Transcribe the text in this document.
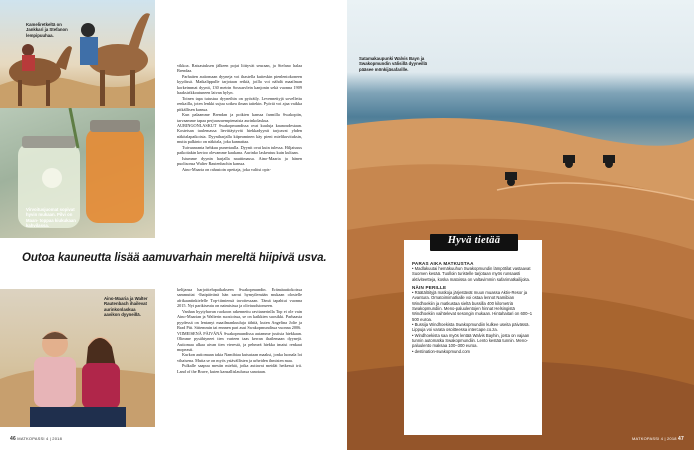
Kameliretkeltä on Jankkari ja Stefanon lempipuuhaa.
Virvoitusjuomat sopivat hyvin mukaan. Pilvi on Maan- toppaa kiukukaan kahvilassa.

vikkoa. Ratsastuksen jälkeen pojat liittyvät seuraan, ja Stefano halaa Brendaa.

Parhaiten autiomaan dyyneja voi ihastella kuiteskin pienlentokoneen kyydissä. Matkalippulle tarjotaan retkiä, joilla voi nähdä maailman korkeimmat dyynit, 130 metrin Sossusvlein kanjonin sekä vuonna 1909 haaksirikkoutuneen laivan hylyn.

Toinen tapa tutustua dyyneihin on pyöräily. Levennettyjä sovellettu renkailla, joten lenkki sujuu sotkea ilman taitekin. Pyöriä voi ajaa vaikka pitkällisen kanssa.

Kun palaamme Brendan ja poikien kanssa farmilla Swakopiin, tarvaamme tapaa perjuusruempienaisia aurinkolaskua.

AURINGONLASKUT Swakopmundissa ovat kuuluja kaunoudestaan. Kosteisan tuulemassa lievittäytyvät hiekkadyynit tarjoavat yhden näköalapaikoista. Dyyniharjalla kiipeaminen käy pieni mielikuvituksin, mutta palkinto on näköala, joka kannattaa.

Tuivaanranta hehkuu punertaulla. Dyynit ovat kuin tulessa. Hiljaisuus paikoitakin kertoo olevamme kaukana. Aurinko laskeutuu kuin kultaan.

Istumme dyynin harjalla nauttimassa. Aino-Maaria ja hänen puolisonsa Walter Rautenbachin kanssa.

Aino-Maaria on rahastoin opettaja, joka valitsi opis-

Outoa kauneutta lisää aamuvarhain mereltä hiipivä usva.
Aino-Maaria ja Walter Rautenbach ihailevat aurinkonlaskua aavikon dyyneillä.

kelijansa harjoittelupaikakseen Swakopmundin. Erämäautiokoissa sammuttat -lhaipäivänä hän sarrui hymyilemään mukaan olostelle afrikaantinkielelle Top-tiimiensä tavoitessaan. Tämä tapahtui vuonna 2015. Nyt parikiseutu on naimisissa ja oliviuudstonseen.

Vanhan hyytyhavan ruokoon rakennettu ravitanerinlla Top ei ole vain Aino-Maarian ja Walterin suosioissa, se on kaikkien suosikki. Parhaasta pyydessä on lentanyt maailmankuuluja tähtiä, kuten Angelina Jolie ja Brad Pitt. Sittemmin tai ennnen pari asui Swakopmundissa vuonna 2006.

VIIMEISENÄ PÄIVÄNÄ Swakopmundissa autamme justisia hiekkaan. Olimme pysähtyneet tien varteen taas kerran ihailemaan dyynejä. Autiomaa alkaa aivan tien vierestä, ja pehmeä hiekka imaisi renkaat mopeasti.

Kurkon autiomaan takia Namibiaa kutsutaan maaksi, jonka luonala loi vihaisena. Mutta se on myös ystävällisten ja urheiden ihmisten maa.

Pulkalle saapuu mestin miehiä, jotka auttavat meidät hetkessä irti. Land of the Brave, kuten kansallislaulussa sanotaan.

46 MATKOPASSI 4 | 2018
Satamakaupunki Walvis Bayn ja Swakopmundin välisillä dyyneillä pääsee mönkijäsafarille.
Hyvä tietää
PARAS AIKA MATKUSTAA
• Madlakuutai hemäkuuhun Swakopmundin lämpötilat vastaavat Suomen kesää. Tuolloin turistelle tarjotaan myös runsaasti aktiviteetteja, koska matoissa on valtavimmin safarimatkailijoita.
NÄIN PERILLE
• Räätälöityjä matkoja järjestävät muun muassa Aktiv-Resor ja Avantura. Ornatoimimatkalle voi ostaa lennot Namibian Windhoekiin ja matkustaa sieltä bussilla 400 kilometriä Swakopmundiin. Meno-paluulentojen hinnat Helsingistä Windhoekiin vaihtelevat sesongin mukaan. Hintahaitari on 600–1 500 euroa.
• Bussija Windhoekista Swakopmundiin kulkee useita päivässä. Lippuja voi varata osoitteessa intercape.co.za.
• Windhoekista saa myös lentää Walvis Bayhin, josta on vajaan tunnin automatka Swakopmundiin. Lento kestää tunnin. Meno-paluulento maksaa 100–300 euroa.
• destination-swakopmund.com
MATKOPASSI 4 | 2018 47
